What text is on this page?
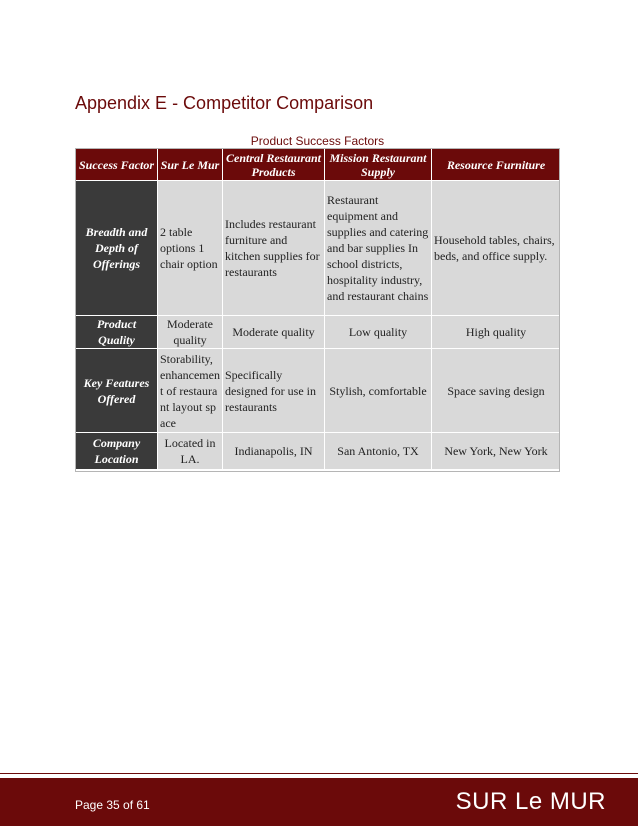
Appendix E - Competitor Comparison
Product Success Factors
Success Factor	Sur Le Mur	Central Restaurant Products	Mission Restaurant Supply	Resource Furniture
Breadth and Depth of Offerings	2 table options 1 chair option	Includes restaurant furniture and kitchen supplies for restaurants	Restaurant equipment and supplies and catering and bar supplies In school districts, hospitality industry, and restaurant chains	Household tables, chairs, beds, and office supply.
Product Quality	Moderate quality	Moderate quality	Low quality	High quality
Key Features Offered	Storability, enhancement of restaurant layout space	Specifically designed for use in restaurants	Stylish, comfortable	Space saving design
Company Location	Located in LA.	Indianapolis, IN	San Antonio, TX	New York, New York
Page 35 of 61	SUR Le MUR
